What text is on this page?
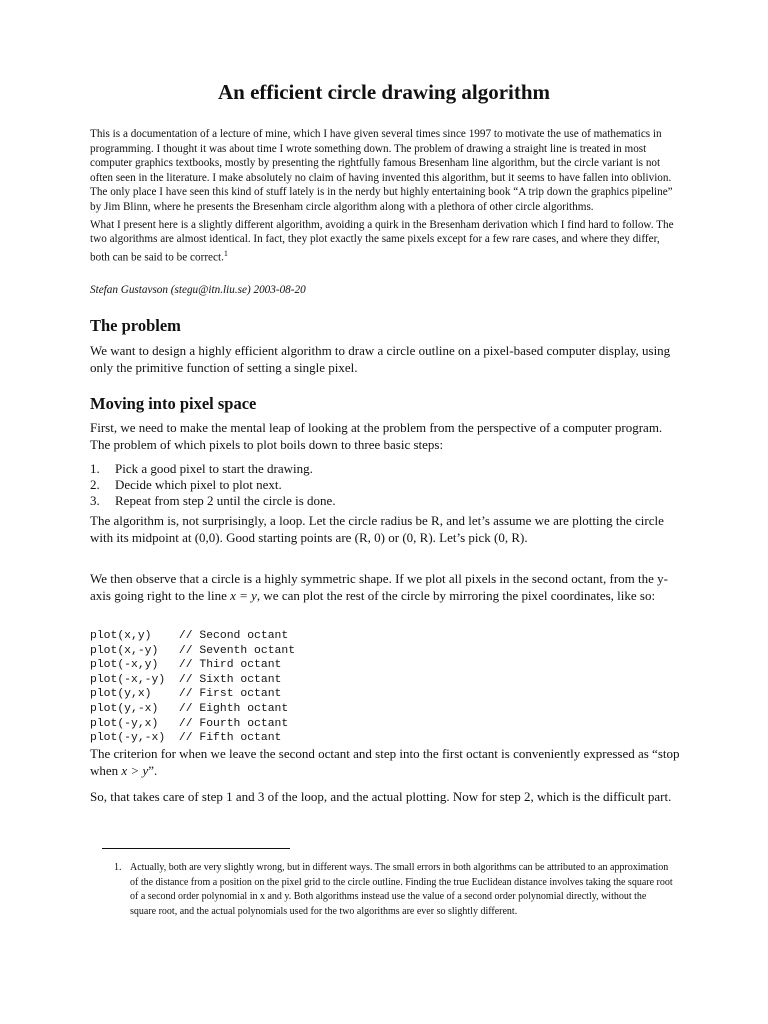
An efficient circle drawing algorithm

This is a documentation of a lecture of mine, which I have given several times since 1997 to motivate the use of mathematics in programming. I thought it was about time I wrote something down. The problem of drawing a straight line is treated in most computer graphics textbooks, mostly by presenting the rightfully famous Bresenham line algorithm, but the circle variant is not often seen in the literature. I make absolutely no claim of having invented this algorithm, but it seems to have fallen into oblivion. The only place I have seen this kind of stuff lately is in the nerdy but highly entertaining book “A trip down the graphics pipeline” by Jim Blinn, where he presents the Bresenham circle algorithm along with a plethora of other circle algorithms.

What I present here is a slightly different algorithm, avoiding a quirk in the Bresenham derivation which I find hard to follow. The two algorithms are almost identical. In fact, they plot exactly the same pixels except for a few rare cases, and where they differ, both can be said to be correct.$^1$

Stefan Gustavson (stegu@itn.liu.se) 2003-08-20
The problem

We want to design a highly efficient algorithm to draw a circle outline on a pixel-based computer display, using only the primitive function of setting a single pixel.

Moving into pixel space

First, we need to make the mental leap of looking at the problem from the perspective of a computer program. The problem of which pixels to plot boils down to three basic steps:

1. Pick a good pixel to start the drawing.
2. Decide which pixel to plot next.
3. Repeat from step 2 until the circle is done.

The algorithm is, not surprisingly, a loop. Let the circle radius be R, and let’s assume we are plotting the circle with its midpoint at (0,0). Good starting points are (R, 0) or (0, R). Let’s pick (0, R).

We then observe that a circle is a highly symmetric shape. If we plot all pixels in the second octant, from the y-axis going right to the line x = y, we can plot the rest of the circle by mirroring the pixel coordinates, like so:

plot(x,y)    // Second octant
plot(x,-y)   // Seventh octant
plot(-x,y)   // Third octant
plot(-x,-y)  // Sixth octant
plot(y,x)    // First octant
plot(y,-x)   // Eighth octant
plot(-y,x)   // Fourth octant
plot(-y,-x)  // Fifth octant

The criterion for when we leave the second octant and step into the first octant is conveniently expressed as “stop when x > y”.

So, that takes care of step 1 and 3 of the loop, and the actual plotting. Now for step 2, which is the difficult part.

1. Actually, both are very slightly wrong, but in different ways. The small errors in both algorithms can be attributed to an approximation of the distance from a position on the pixel grid to the circle outline. Finding the true Euclidean distance involves taking the square root of a second order polynomial in x and y. Both algorithms instead use the value of a second order polynomial directly, without the square root, and the actual polynomials used for the two algorithms are ever so slightly different.
